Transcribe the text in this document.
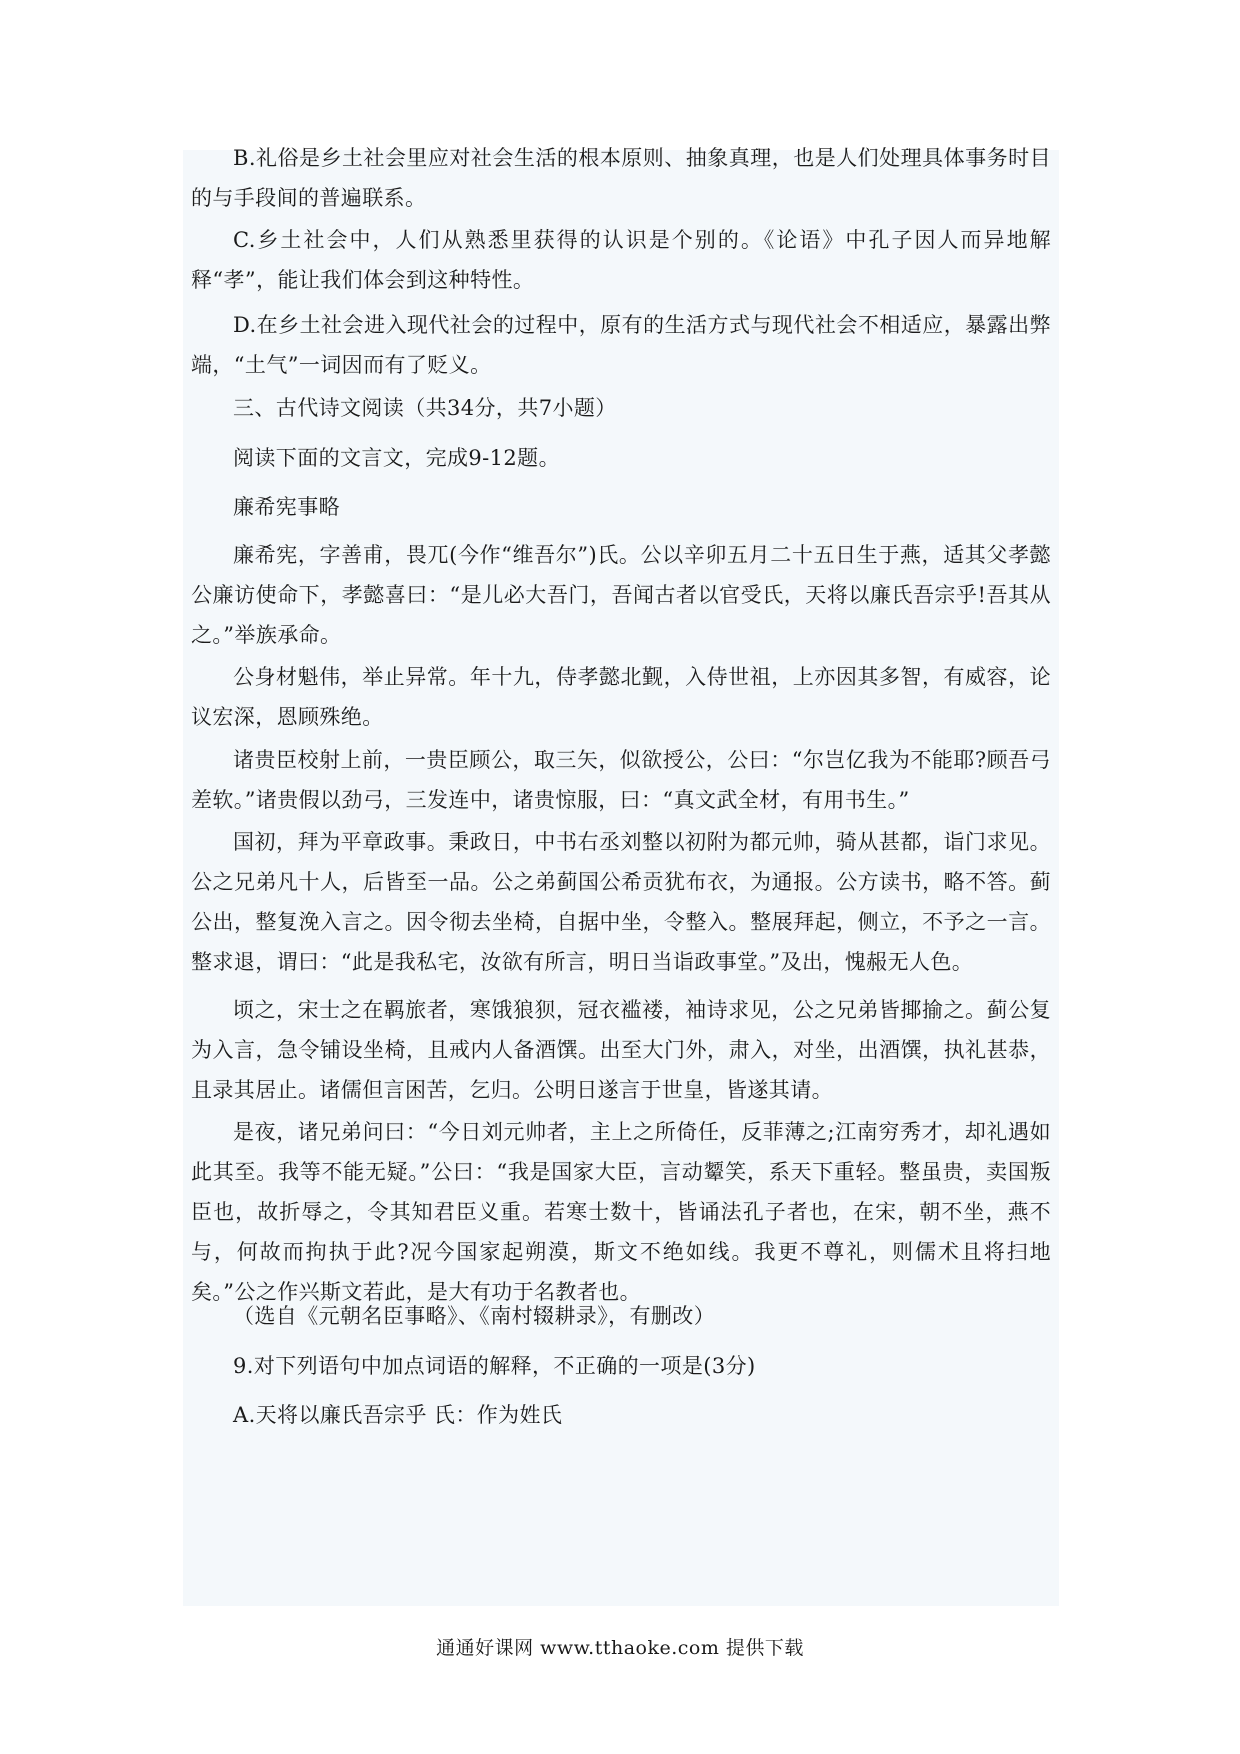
B.礼俗是乡土社会里应对社会生活的根本原则、抽象真理，也是人们处理具体事务时目的与手段间的普遍联系。

C.乡土社会中，人们从熟悉里获得的认识是个别的。《论语》中孔子因人而异地解释“孝”，能让我们体会到这种特性。

D.在乡土社会进入现代社会的过程中，原有的生活方式与现代社会不相适应，暴露出弊端，“土气”一词因而有了贬义。

三、古代诗文阅读（共34分，共7小题）

阅读下面的文言文，完成9-12题。

廉希宪事略

廉希宪，字善甫，畏兀(今作“维吾尔”)氏。公以辛卯五月二十五日生于燕，适其父孝懿公廉访使命下，孝懿喜曰：“是儿必大吾门，吾闻古者以官受氏，天将以廉氏吾宗乎!吾其从之。”举族承命。

公身材魁伟，举止异常。年十九，侍孝懿北觐，入侍世祖，上亦因其多智，有威容，论议宏深，恩顾殊绝。

诸贵臣校射上前，一贵臣顾公，取三矢，似欲授公，公曰：“尔岂亿我为不能耶?顾吾弓差软。”诸贵假以劲弓，三发连中，诸贵惊服，曰：“真文武全材，有用书生。”

国初，拜为平章政事。秉政日，中书右丞刘整以初附为都元帅，骑从甚都，诣门求见。公之兄弟凡十人，后皆至一品。公之弟蓟国公希贡犹布衣，为通报。公方读书，略不答。蓟公出，整复浼入言之。因令彻去坐椅，自据中坐，令整入。整展拜起，侧立，不予之一言。整求退，谓曰：“此是我私宅，汝欲有所言，明日当诣政事堂。”及出，愧赧无人色。

顷之，宋士之在羁旅者，寒饿狼狈，冠衣褴褛，袖诗求见，公之兄弟皆揶揄之。蓟公复为入言，急令铺设坐椅，且戒内人备酒馔。出至大门外，肃入，对坐，出酒馔，执礼甚恭，且录其居止。诸儒但言困苦，乞归。公明日遂言于世皇，皆遂其请。

是夜，诸兄弟问曰：“今日刘元帅者，主上之所倚任，反菲薄之;江南穷秀才，却礼遇如此其至。我等不能无疑。”公曰：“我是国家大臣，言动颦笑，系天下重轻。整虽贵，卖国叛臣也，故折辱之，令其知君臣义重。若寒士数十，皆诵法孔子者也，在宋，朝不坐，燕不与，何故而拘执于此?况今国家起朔漠，斯文不绝如线。我更不尊礼，则儒术且将扫地矣。”公之作兴斯文若此，是大有功于名教者也。

（选自《元朝名臣事略》、《南村辍耕录》，有删改）

9.对下列语句中加点词语的解释，不正确的一项是(3分)

A.天将以廉氏吾宗乎 氏：作为姓氏

通通好课网 www.tthaoke.com 提供下载
